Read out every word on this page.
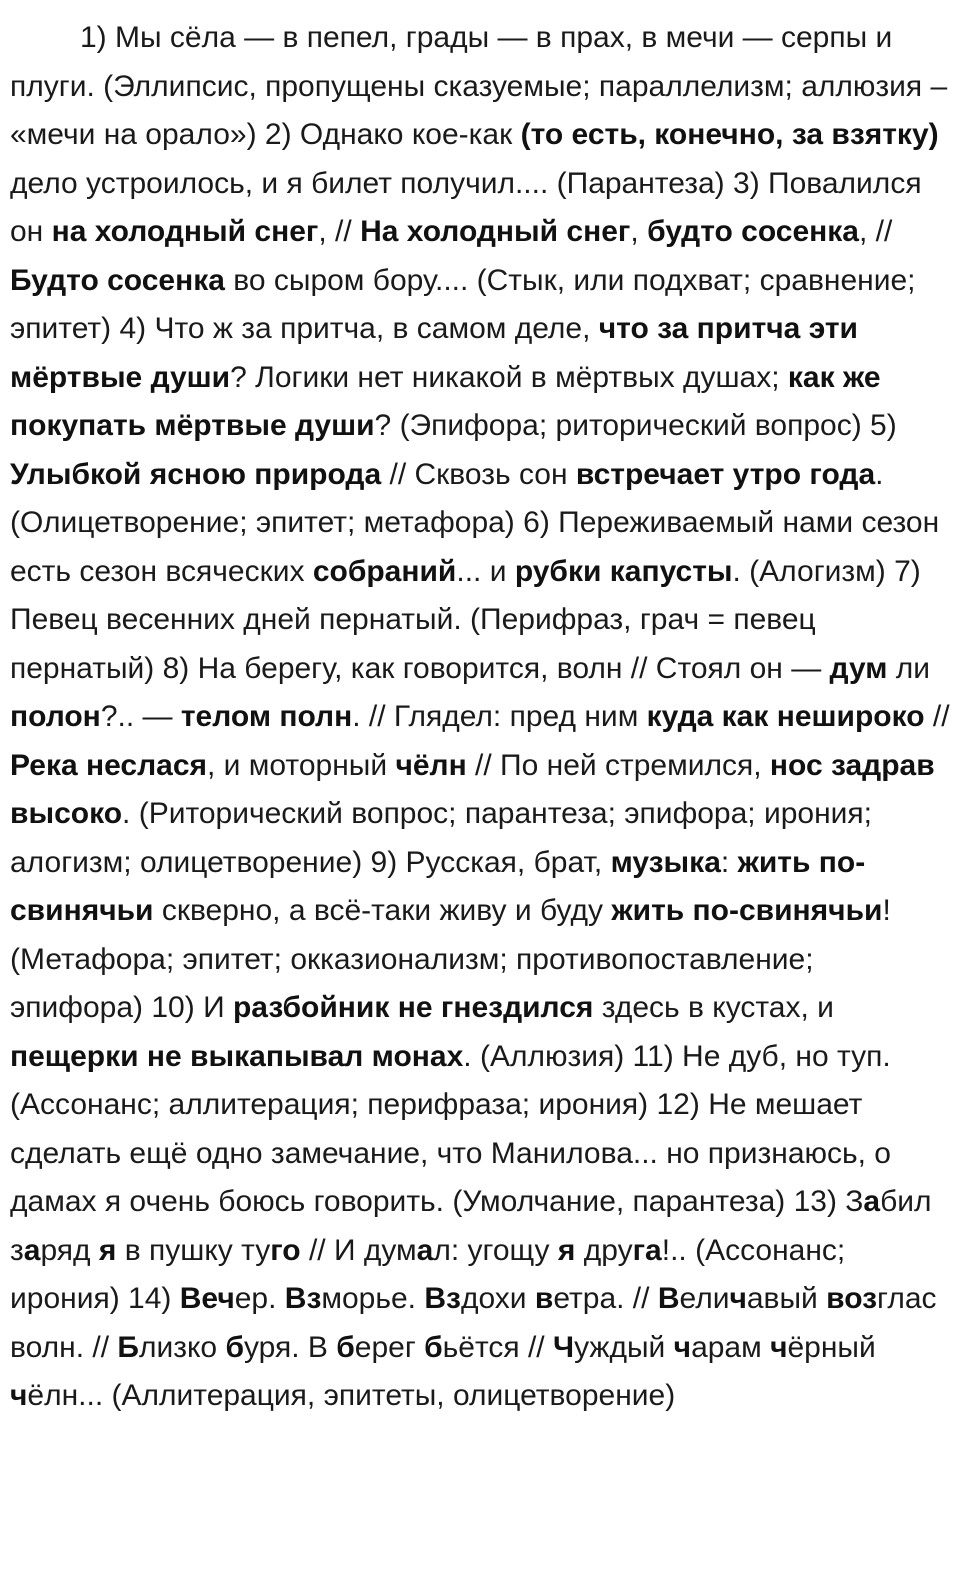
1) Мы сёла — в пепел, грады — в прах, в мечи — серпы и плуги. (Эллипсис, пропущены сказуемые; параллелизм; аллюзия – «мечи на орало») 2) Однако кое-как (то есть, конечно, за взятку) дело устроилось, и я билет получил.... (Парантеза) 3) Повалился он на холодный снег, // На холодный снег, будто сосенка, // Будто сосенка во сыром бору.... (Стык, или подхват; сравнение; эпитет) 4) Что ж за притча, в самом деле, что за притча эти мёртвые души? Логики нет никакой в мёртвых душах; как же покупать мёртвые души? (Эпифора; риторический вопрос) 5) Улыбкой ясною природа // Сквозь сон встречает утро года. (Олицетворение; эпитет; метафора) 6) Переживаемый нами сезон есть сезон всяческих собраний... и рубки капусты. (Алогизм) 7) Певец весенних дней пернатый. (Перифраз, грач = певец пернатый) 8) На берегу, как говорится, волн // Стоял он — дум ли полон?.. — телом полн. // Глядел: пред ним куда как нешироко // Река неслася, и моторный чёлн // По ней стремился, нос задрав высоко. (Риторический вопрос; парантеза; эпифора; ирония; алогизм; олицетворение) 9) Русская, брат, музыка: жить по-свинячьи скверно, а всё-таки живу и буду жить по-свинячьи! (Метафора; эпитет; окказионализм; противопоставление; эпифора) 10) И разбойник не гнездился здесь в кустах, и пещерки не выкапывал монах. (Аллюзия) 11) Не дуб, но туп. (Ассонанс; аллитерация; перифраза; ирония) 12) Не мешает сделать ещё одно замечание, что Манилова... но признаюсь, о дамах я очень боюсь говорить. (Умолчание, парантеза) 13) Забил заряд я в пушку туго // И думал: угощу я друга!.. (Ассонанс; ирония) 14) Вечер. Взморье. Вздохи ветра. // Величавый возглас волн. // Близко буря. В берег бьётся // Чуждый чарам чёрный чёлн... (Аллитерация, эпитеты, олицетворение)
